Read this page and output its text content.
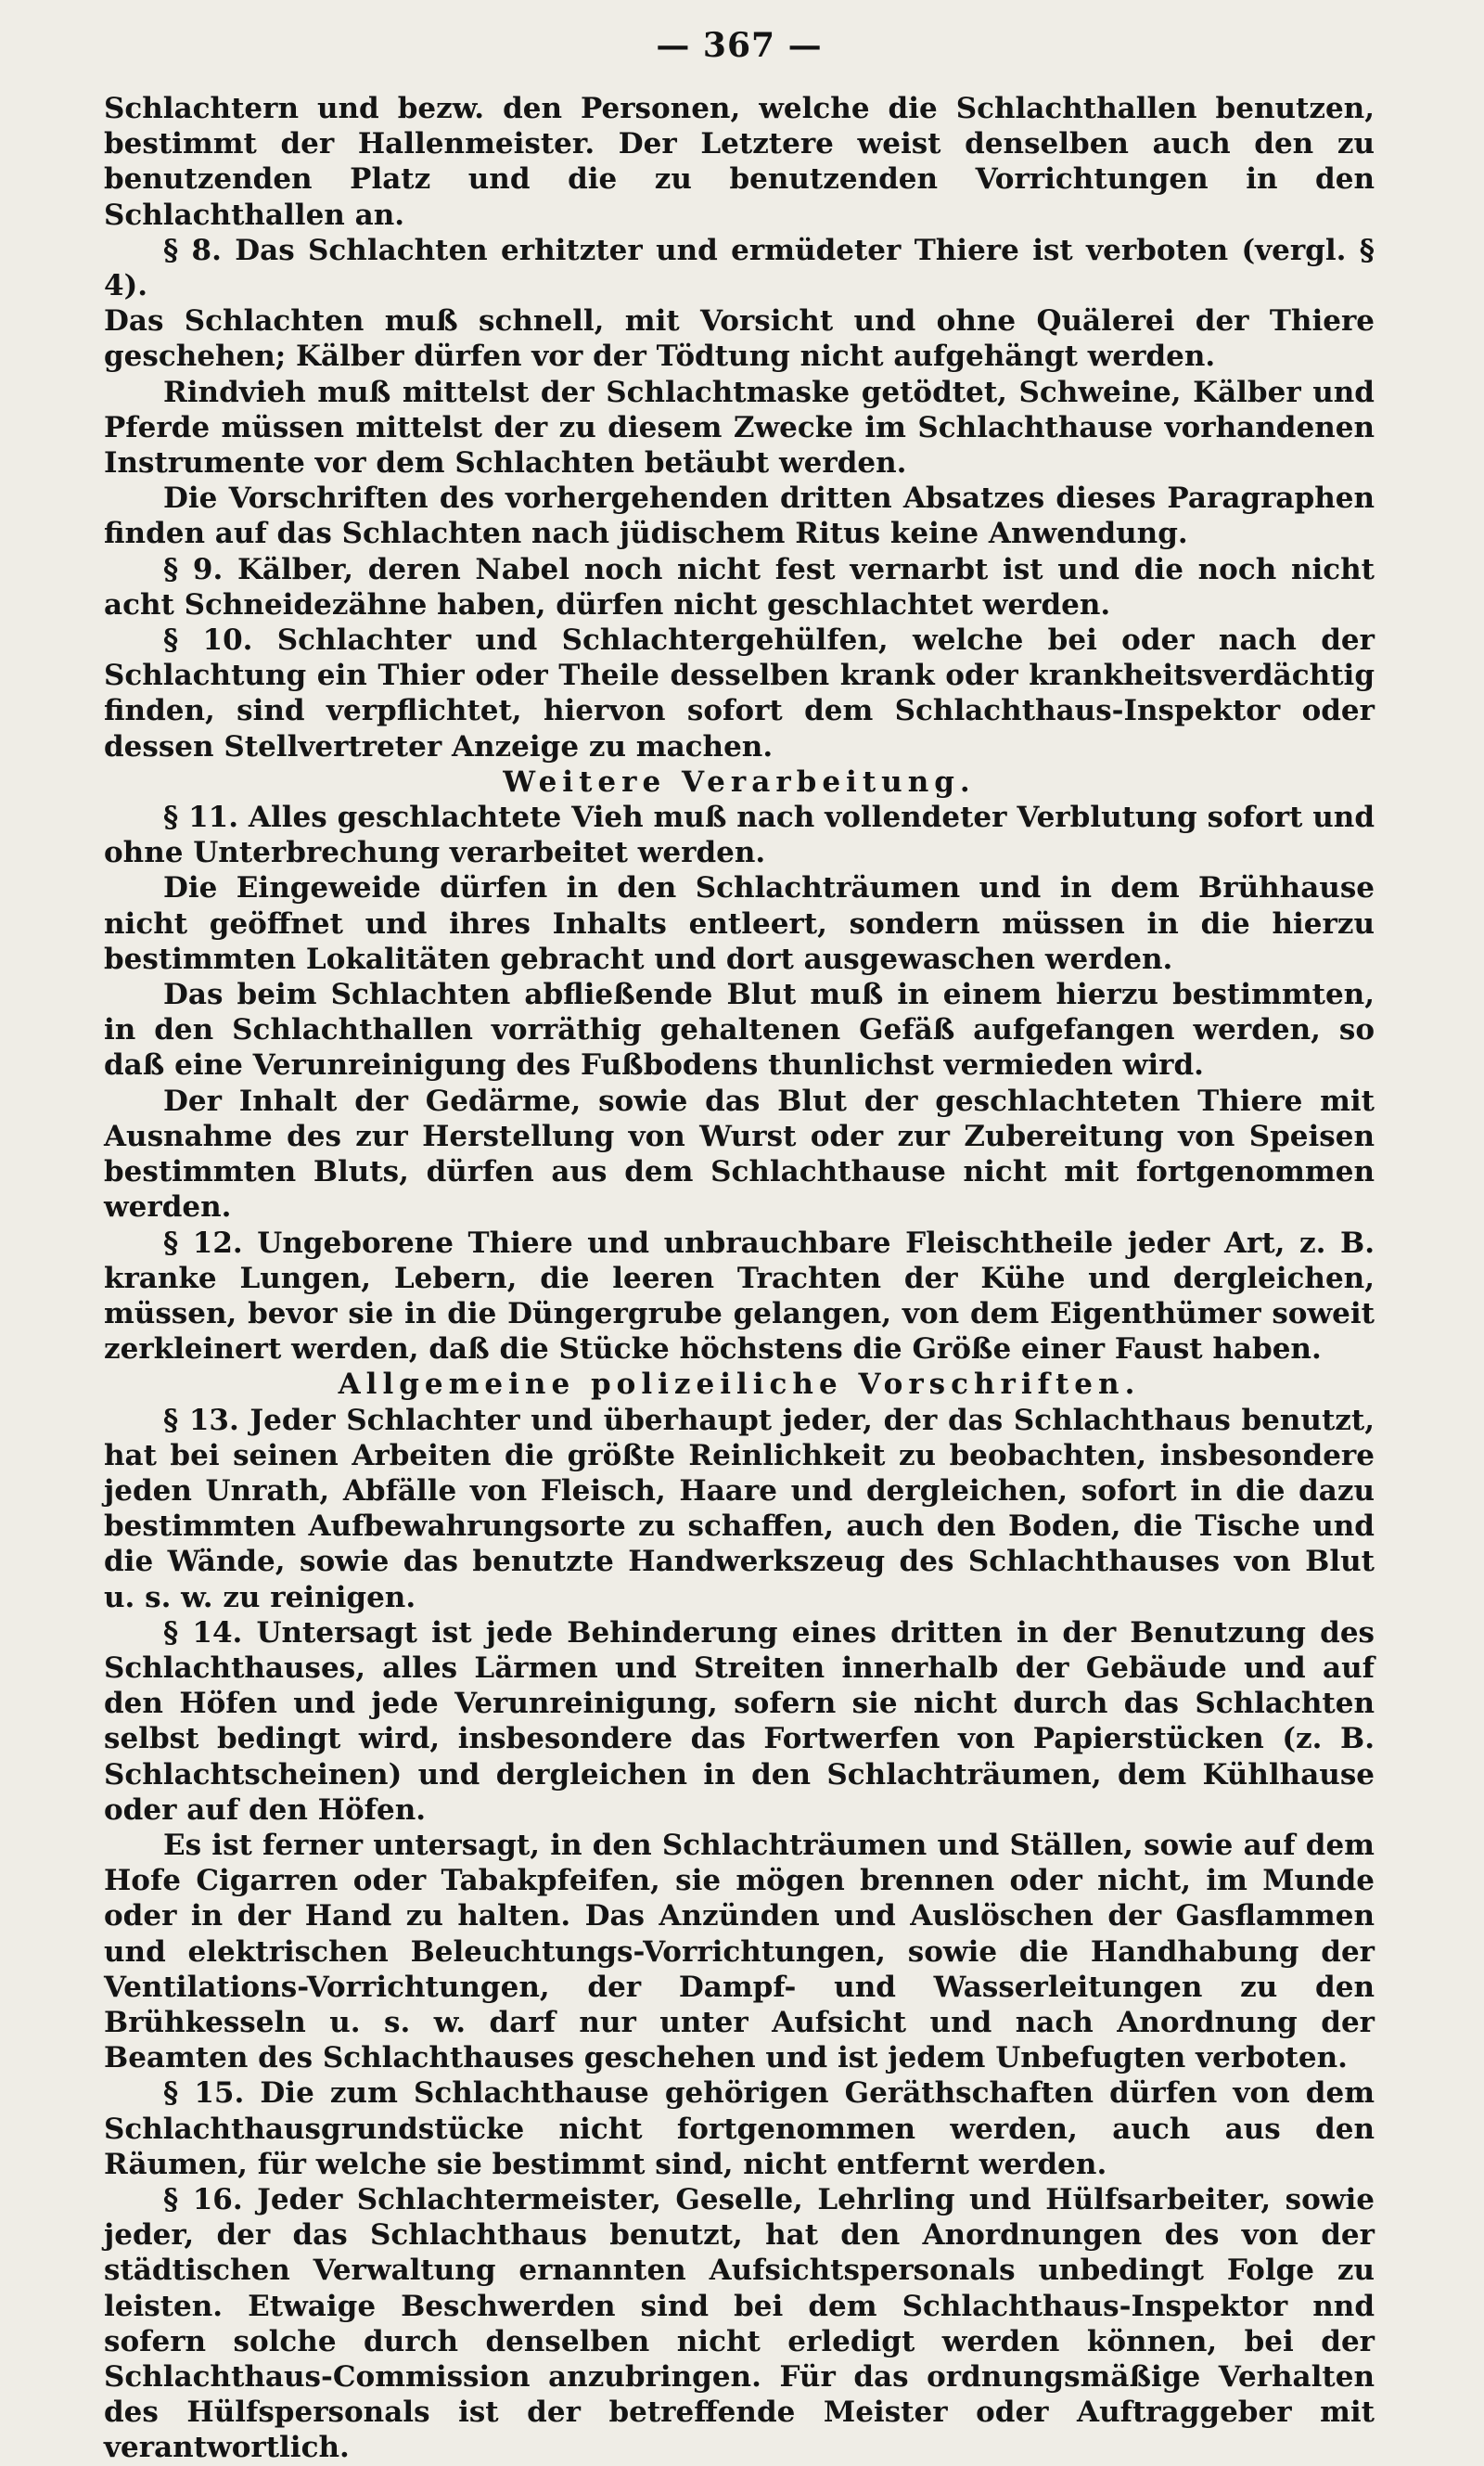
— 367 —

Schlachtern und bezw. den Personen, welche die Schlachthallen benutzen, bestimmt der Hallenmeister. Der Letztere weist denselben auch den zu benutzenden Platz und die zu benutzenden Vorrichtungen in den Schlachthallen an.

§ 8. Das Schlachten erhitzter und ermüdeter Thiere ist verboten (vergl. § 4).

Das Schlachten muß schnell, mit Vorsicht und ohne Quälerei der Thiere geschehen; Kälber dürfen vor der Tödtung nicht aufgehängt werden.

Rindvieh muß mittelst der Schlachtmaske getödtet, Schweine, Kälber und Pferde müssen mittelst der zu diesem Zwecke im Schlachthause vorhandenen Instrumente vor dem Schlachten betäubt werden.

Die Vorschriften des vorhergehenden dritten Absatzes dieses Paragraphen finden auf das Schlachten nach jüdischem Ritus keine Anwendung.

§ 9. Kälber, deren Nabel noch nicht fest vernarbt ist und die noch nicht acht Schneidezähne haben, dürfen nicht geschlachtet werden.

§ 10. Schlachter und Schlachtergehülfen, welche bei oder nach der Schlachtung ein Thier oder Theile desselben krank oder krankheitsverdächtig finden, sind verpflichtet, hiervon sofort dem Schlachthaus-Inspektor oder dessen Stellvertreter Anzeige zu machen.

Weitere Verarbeitung.

§ 11. Alles geschlachtete Vieh muß nach vollendeter Verblutung sofort und ohne Unterbrechung verarbeitet werden.

Die Eingeweide dürfen in den Schlachträumen und in dem Brühhause nicht geöffnet und ihres Inhalts entleert, sondern müssen in die hierzu bestimmten Lokalitäten gebracht und dort ausgewaschen werden.

Das beim Schlachten abfließende Blut muß in einem hierzu bestimmten, in den Schlachthallen vorräthig gehaltenen Gefäß aufgefangen werden, so daß eine Verunreinigung des Fußbodens thunlichst vermieden wird.

Der Inhalt der Gedärme, sowie das Blut der geschlachteten Thiere mit Ausnahme des zur Herstellung von Wurst oder zur Zubereitung von Speisen bestimmten Bluts, dürfen aus dem Schlachthause nicht mit fortgenommen werden.

§ 12. Ungeborene Thiere und unbrauchbare Fleischtheile jeder Art, z. B. kranke Lungen, Lebern, die leeren Trachten der Kühe und dergleichen, müssen, bevor sie in die Düngergrube gelangen, von dem Eigenthümer soweit zerkleinert werden, daß die Stücke höchstens die Größe einer Faust haben.

Allgemeine polizeiliche Vorschriften.

§ 13. Jeder Schlachter und überhaupt jeder, der das Schlachthaus benutzt, hat bei seinen Arbeiten die größte Reinlichkeit zu beobachten, insbesondere jeden Unrath, Abfälle von Fleisch, Haare und dergleichen, sofort in die dazu bestimmten Aufbewahrungsorte zu schaffen, auch den Boden, die Tische und die Wände, sowie das benutzte Handwerkszeug des Schlachthauses von Blut u. s. w. zu reinigen.

§ 14. Untersagt ist jede Behinderung eines dritten in der Benutzung des Schlachthauses, alles Lärmen und Streiten innerhalb der Gebäude und auf den Höfen und jede Verunreinigung, sofern sie nicht durch das Schlachten selbst bedingt wird, insbesondere das Fortwerfen von Papierstücken (z. B. Schlachtscheinen) und dergleichen in den Schlachträumen, dem Kühlhause oder auf den Höfen.

Es ist ferner untersagt, in den Schlachträumen und Ställen, sowie auf dem Hofe Cigarren oder Tabakpfeifen, sie mögen brennen oder nicht, im Munde oder in der Hand zu halten. Das Anzünden und Auslöschen der Gasflammen und elektrischen Beleuchtungs-Vorrichtungen, sowie die Handhabung der Ventilations-Vorrichtungen, der Dampf- und Wasserleitungen zu den Brühkesseln u. s. w. darf nur unter Aufsicht und nach Anordnung der Beamten des Schlachthauses geschehen und ist jedem Unbefugten verboten.

§ 15. Die zum Schlachthause gehörigen Geräthschaften dürfen von dem Schlachthausgrundstücke nicht fortgenommen werden, auch aus den Räumen, für welche sie bestimmt sind, nicht entfernt werden.

§ 16. Jeder Schlachtermeister, Geselle, Lehrling und Hülfsarbeiter, sowie jeder, der das Schlachthaus benutzt, hat den Anordnungen des von der städtischen Verwaltung ernannten Aufsichtspersonals unbedingt Folge zu leisten. Etwaige Beschwerden sind bei dem Schlachthaus-Inspektor nnd sofern solche durch denselben nicht erledigt werden können, bei der Schlachthaus-Commission anzubringen. Für das ordnungsmäßige Verhalten des Hülfspersonals ist der betreffende Meister oder Auftraggeber mit verantwortlich.
